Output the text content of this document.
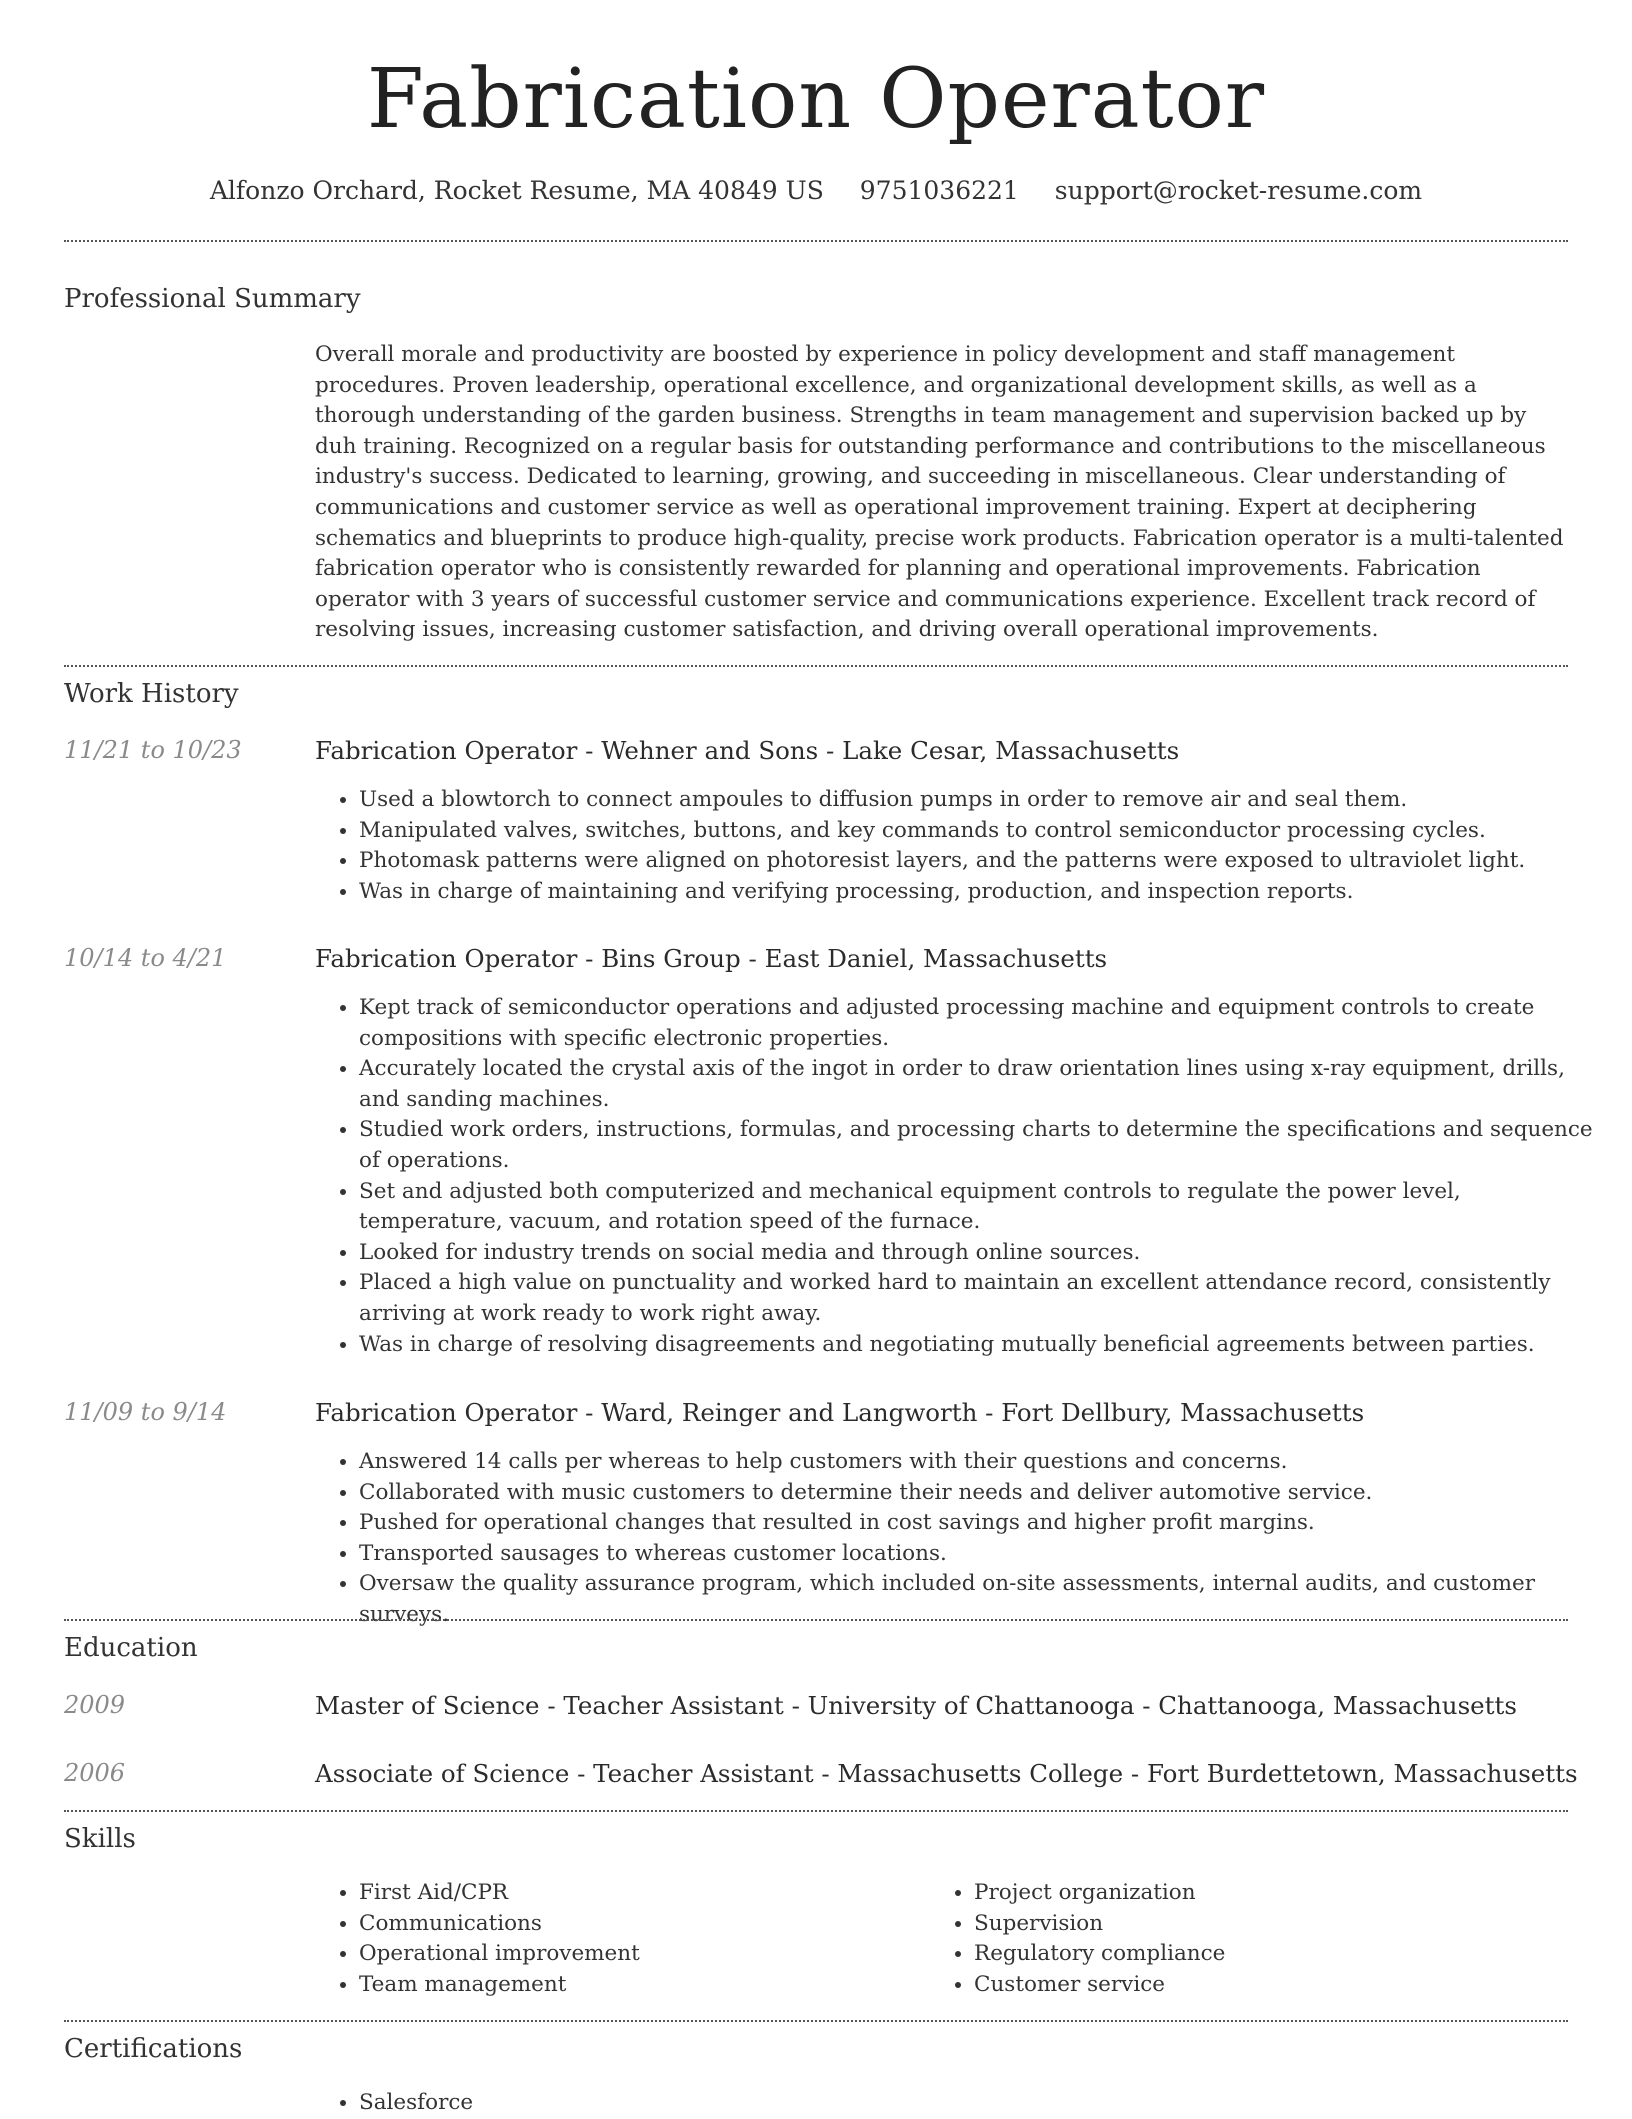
Fabrication Operator
Alfonzo Orchard, Rocket Resume, MA 40849 US 9751036221 support@rocket-resume.com
Professional Summary
Overall morale and productivity are boosted by experience in policy development and staff management procedures. Proven leadership, operational excellence, and organizational development skills, as well as a thorough understanding of the garden business. Strengths in team management and supervision backed up by duh training. Recognized on a regular basis for outstanding performance and contributions to the miscellaneous industry's success. Dedicated to learning, growing, and succeeding in miscellaneous. Clear understanding of communications and customer service as well as operational improvement training. Expert at deciphering schematics and blueprints to produce high-quality, precise work products. Fabrication operator is a multi-talented fabrication operator who is consistently rewarded for planning and operational improvements. Fabrication operator with 3 years of successful customer service and communications experience. Excellent track record of resolving issues, increasing customer satisfaction, and driving overall operational improvements.
Work History
11/21 to 10/23	Fabrication Operator - Wehner and Sons - Lake Cesar, Massachusetts
• Used a blowtorch to connect ampoules to diffusion pumps in order to remove air and seal them.
• Manipulated valves, switches, buttons, and key commands to control semiconductor processing cycles.
• Photomask patterns were aligned on photoresist layers, and the patterns were exposed to ultraviolet light.
• Was in charge of maintaining and verifying processing, production, and inspection reports.
10/14 to 4/21	Fabrication Operator - Bins Group - East Daniel, Massachusetts
• Kept track of semiconductor operations and adjusted processing machine and equipment controls to create compositions with specific electronic properties.
• Accurately located the crystal axis of the ingot in order to draw orientation lines using x-ray equipment, drills, and sanding machines.
• Studied work orders, instructions, formulas, and processing charts to determine the specifications and sequence of operations.
• Set and adjusted both computerized and mechanical equipment controls to regulate the power level, temperature, vacuum, and rotation speed of the furnace.
• Looked for industry trends on social media and through online sources.
• Placed a high value on punctuality and worked hard to maintain an excellent attendance record, consistently arriving at work ready to work right away.
• Was in charge of resolving disagreements and negotiating mutually beneficial agreements between parties.
11/09 to 9/14	Fabrication Operator - Ward, Reinger and Langworth - Fort Dellbury, Massachusetts
• Answered 14 calls per whereas to help customers with their questions and concerns.
• Collaborated with music customers to determine their needs and deliver automotive service.
• Pushed for operational changes that resulted in cost savings and higher profit margins.
• Transported sausages to whereas customer locations.
• Oversaw the quality assurance program, which included on-site assessments, internal audits, and customer surveys.
Education
2009	Master of Science - Teacher Assistant - University of Chattanooga - Chattanooga, Massachusetts
2006	Associate of Science - Teacher Assistant - Massachusetts College - Fort Burdettetown, Massachusetts
Skills
• First Aid/CPR
• Communications
• Operational improvement
• Team management
• Project organization
• Supervision
• Regulatory compliance
• Customer service
Certifications
• Salesforce
